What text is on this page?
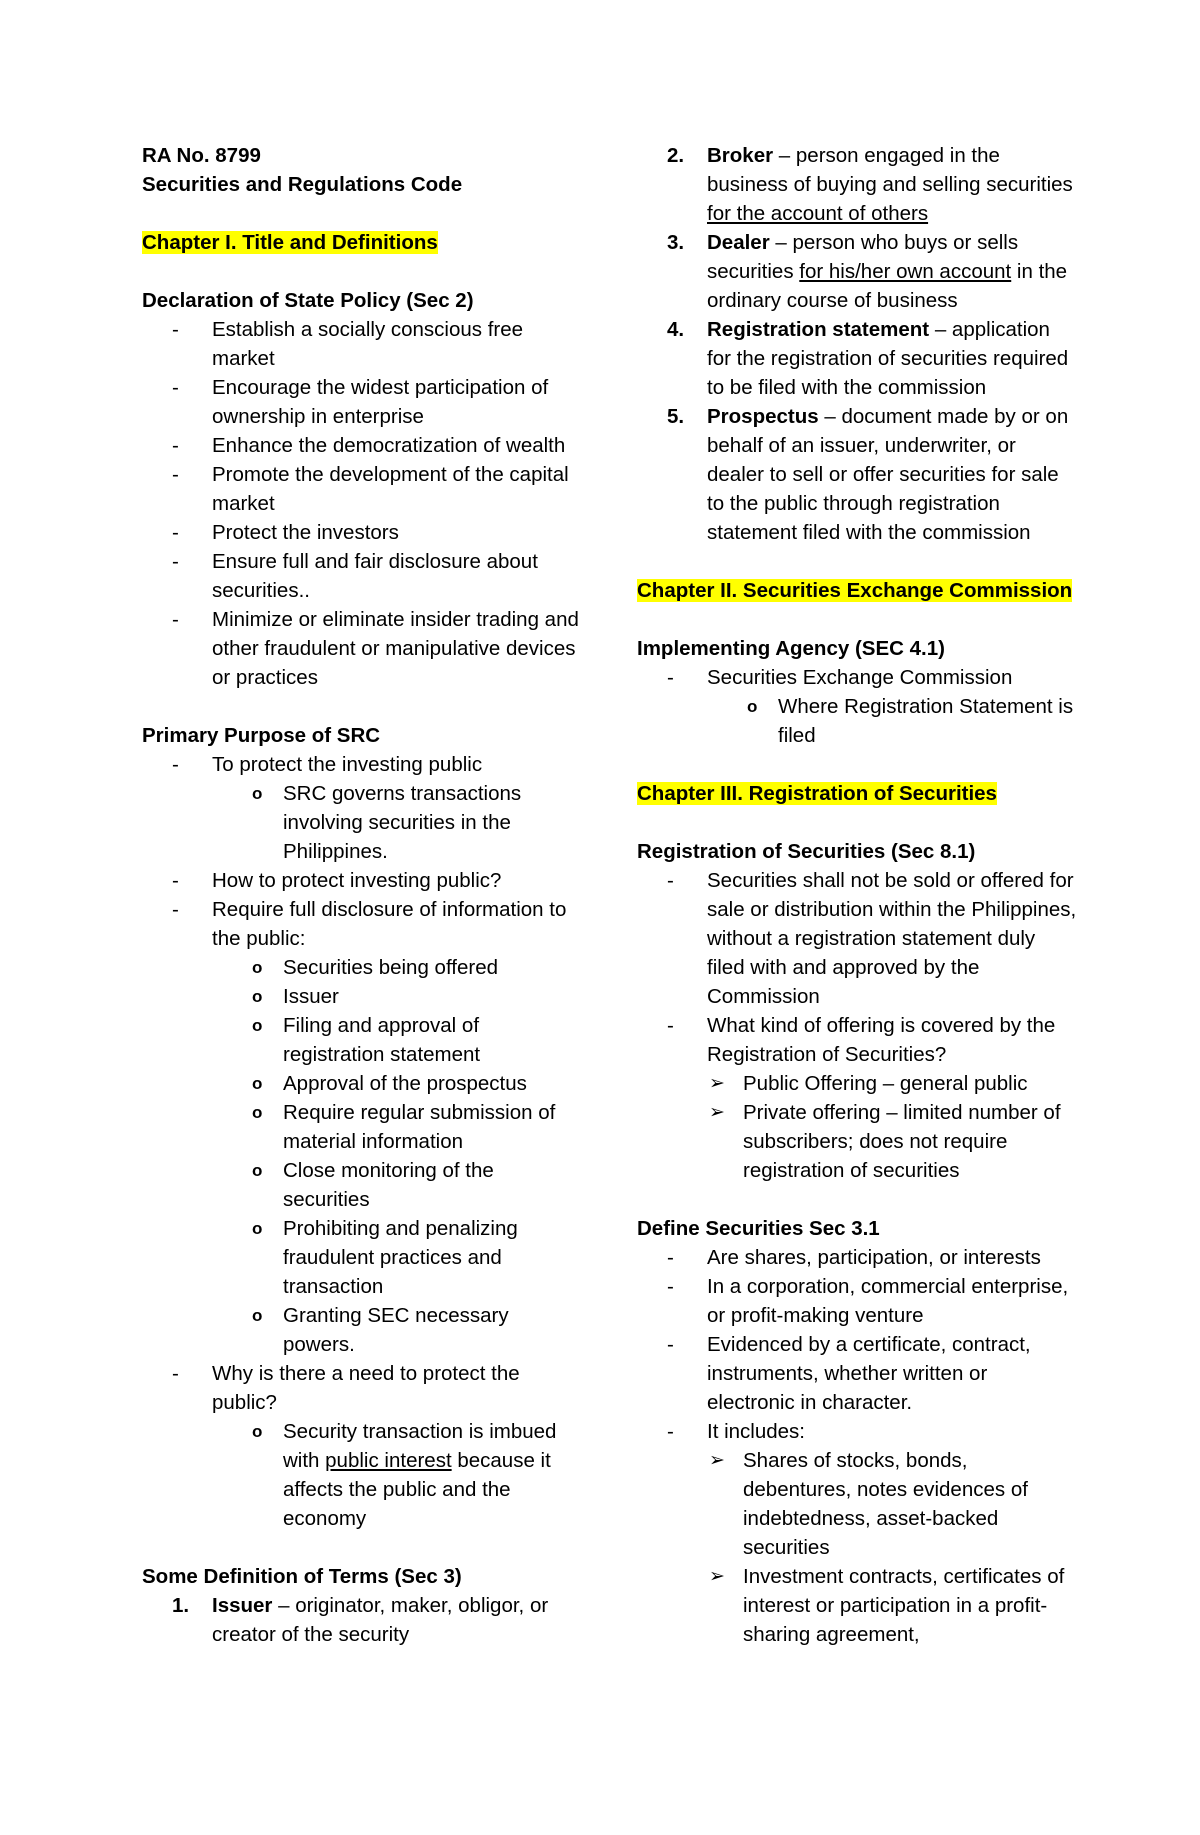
RA No. 8799

Securities and Regulations Code

Chapter I. Title and Definitions

Declaration of State Policy (Sec 2)

- Establish a socially conscious free market
- Encourage the widest participation of ownership in enterprise
- Enhance the democratization of wealth
- Promote the development of the capital market
- Protect the investors
- Ensure full and fair disclosure about securities..
- Minimize or eliminate insider trading and other fraudulent or manipulative devices or practices

Primary Purpose of SRC

- To protect the investing public
o SRC governs transactions involving securities in the Philippines.
- How to protect investing public?
- Require full disclosure of information to the public:
o Securities being offered
o Issuer
o Filing and approval of registration statement
o Approval of the prospectus
o Require regular submission of material information
o Close monitoring of the securities
o Prohibiting and penalizing fraudulent practices and transaction
o Granting SEC necessary powers.
- Why is there a need to protect the public?
o Security transaction is imbued with public interest because it affects the public and the economy

Some Definition of Terms (Sec 3)

1. Issuer – originator, maker, obligor, or creator of the security
2. Broker – person engaged in the business of buying and selling securities for the account of others
3. Dealer – person who buys or sells securities for his/her own account in the ordinary course of business
4. Registration statement – application for the registration of securities required to be filed with the commission
5. Prospectus – document made by or on behalf of an issuer, underwriter, or dealer to sell or offer securities for sale to the public through registration statement filed with the commission

Chapter II. Securities Exchange Commission

Implementing Agency (SEC 4.1)

- Securities Exchange Commission
o Where Registration Statement is filed

Chapter III. Registration of Securities

Registration of Securities (Sec 8.1)

- Securities shall not be sold or offered for sale or distribution within the Philippines, without a registration statement duly filed with and approved by the Commission
- What kind of offering is covered by the Registration of Securities?
➢ Public Offering – general public
➢ Private offering – limited number of subscribers; does not require registration of securities

Define Securities Sec 3.1

- Are shares, participation, or interests
- In a corporation, commercial enterprise, or profit-making venture
- Evidenced by a certificate, contract, instruments, whether written or electronic in character.
- It includes:
➢ Shares of stocks, bonds, debentures, notes evidences of indebtedness, asset-backed securities
➢ Investment contracts, certificates of interest or participation in a profit-sharing agreement,
